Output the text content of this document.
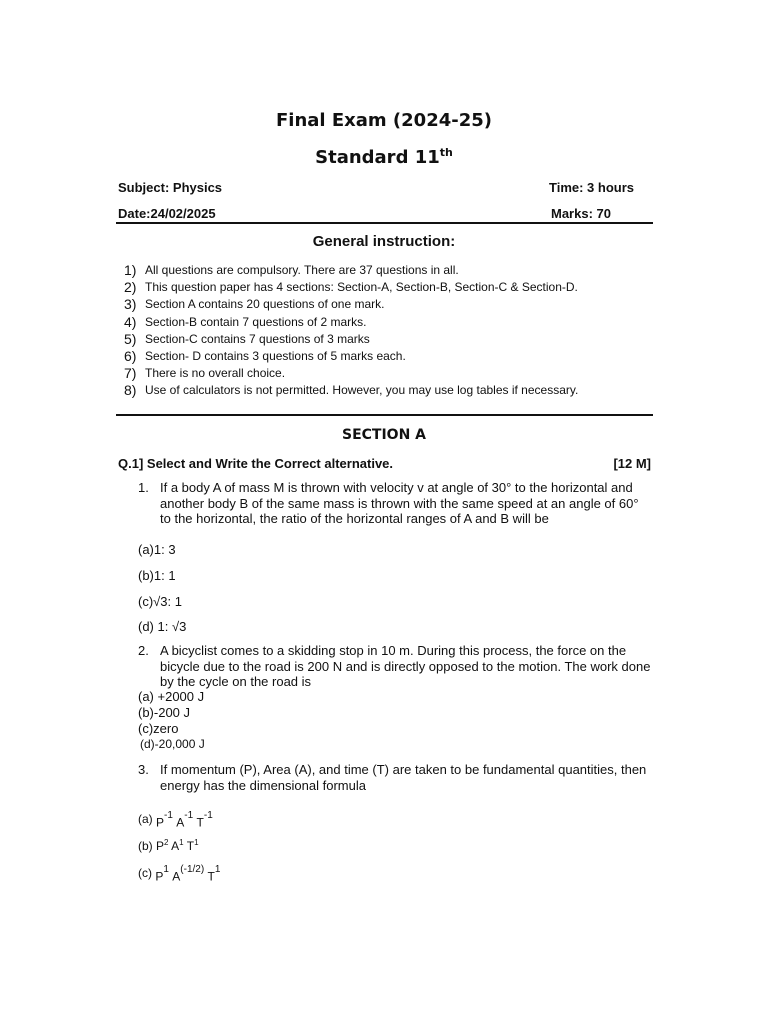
Final Exam (2024-25)
Standard 11th
Subject: Physics	Time: 3 hours
Date:24/02/2025	Marks: 70
General instruction:
1) All questions are compulsory. There are 37 questions in all.
2) This question paper has 4 sections: Section-A, Section-B, Section-C & Section-D.
3) Section A contains 20 questions of one mark.
4) Section-B contain 7 questions of 2 marks.
5) Section-C contains 7 questions of 3 marks
6) Section- D contains 3 questions of 5 marks each.
7) There is no overall choice.
8) Use of calculators is not permitted. However, you may use log tables if necessary.
SECTION A
Q.1] Select and Write the Correct alternative.	[12 M]
1. If a body A of mass M is thrown with velocity v at angle of 30° to the horizontal and another body B of the same mass is thrown with the same speed at an angle of 60° to the horizontal, the ratio of the horizontal ranges of A and B will be
(a)1: 3
(b)1: 1
(c)√3: 1
(d) 1: √3
2. A bicyclist comes to a skidding stop in 10 m. During this process, the force on the bicycle due to the road is 200 N and is directly opposed to the motion. The work done by the cycle on the road is
(a) +2000 J
(b)-200 J
(c)zero
(d)-20,000 J
3. If momentum (P), Area (A), and time (T) are taken to be fundamental quantities, then energy has the dimensional formula
(a) $P^{-1}$ $A^{-1}$ $T^{-1}$
(b) $P^2$ $A^1$ $T^1$
(c) $P^1$ $A^{(-1/2)}$ $T^1$
